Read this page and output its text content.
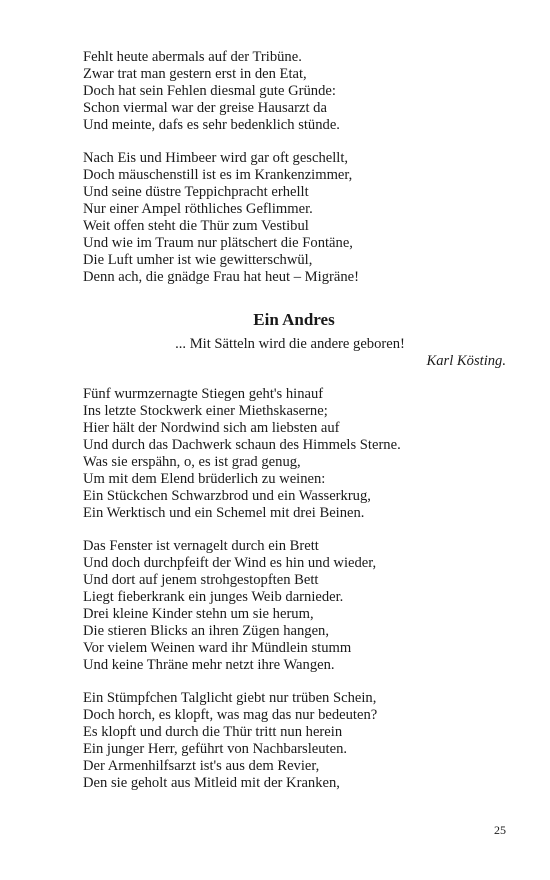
Fehlt heute abermals auf der Tribüne.
Zwar trat man gestern erst in den Etat,
Doch hat sein Fehlen diesmal gute Gründe:
Schon viermal war der greise Hausarzt da
Und meinte, dafs es sehr bedenklich stünde.
Nach Eis und Himbeer wird gar oft geschellt,
Doch mäuschenstill ist es im Krankenzimmer,
Und seine düstre Teppichpracht erhellt
Nur einer Ampel röthliches Geflimmer.
Weit offen steht die Thür zum Vestibul
Und wie im Traum nur plätschert die Fontäne,
Die Luft umher ist wie gewitterschwül,
Denn ach, die gnädge Frau hat heut – Migräne!
Ein Andres

... Mit Sätteln wird die andere geboren!

Karl Kösting.

Fünf wurmzernagte Stiegen geht's hinauf
Ins letzte Stockwerk einer Miethskaserne;
Hier hält der Nordwind sich am liebsten auf
Und durch das Dachwerk schaun des Himmels Sterne.
Was sie erspähn, o, es ist grad genug,
Um mit dem Elend brüderlich zu weinen:
Ein Stückchen Schwarzbrod und ein Wasserkrug,
Ein Werktisch und ein Schemel mit drei Beinen.
Das Fenster ist vernagelt durch ein Brett
Und doch durchpfeift der Wind es hin und wieder,
Und dort auf jenem strohgestopften Bett
Liegt fieberkrank ein junges Weib darnieder.
Drei kleine Kinder stehn um sie herum,
Die stieren Blicks an ihren Zügen hangen,
Vor vielem Weinen ward ihr Mündlein stumm
Und keine Thräne mehr netzt ihre Wangen.
Ein Stümpfchen Talglicht giebt nur trüben Schein,
Doch horch, es klopft, was mag das nur bedeuten?
Es klopft und durch die Thür tritt nun herein
Ein junger Herr, geführt von Nachbarsleuten.
Der Armenhilfsarzt ist's aus dem Revier,
Den sie geholt aus Mitleid mit der Kranken,

25
